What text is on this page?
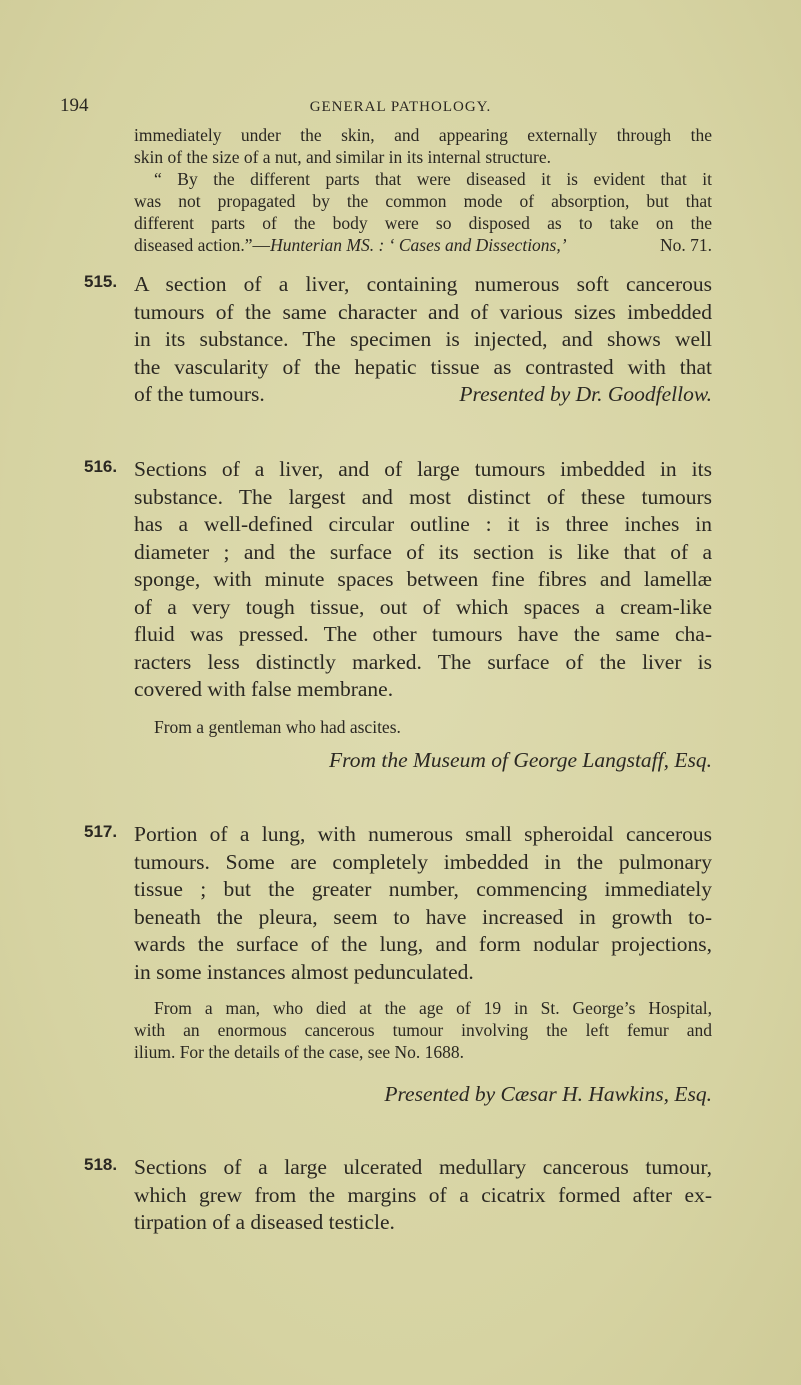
194	GENERAL PATHOLOGY.
immediately under the skin, and appearing externally through the
skin of the size of a nut, and similar in its internal structure.
“ By the different parts that were diseased it is evident that it
was not propagated by the common mode of absorption, but that
different parts of the body were so disposed as to take on the
diseased action.”—Hunterian MS. : ‘ Cases and Dissections,’	No. 71.
515. A section of a liver, containing numerous soft cancerous
tumours of the same character and of various sizes imbedded
in its substance. The specimen is injected, and shows well
the vascularity of the hepatic tissue as contrasted with that
of the tumours.	Presented by Dr. Goodfellow.
516. Sections of a liver, and of large tumours imbedded in its
substance. The largest and most distinct of these tumours
has a well-defined circular outline : it is three inches in
diameter ; and the surface of its section is like that of a
sponge, with minute spaces between fine fibres and lamellæ
of a very tough tissue, out of which spaces a cream-like
fluid was pressed. The other tumours have the same cha-
racters less distinctly marked. The surface of the liver is
covered with false membrane.
From a gentleman who had ascites.
From the Museum of George Langstaff, Esq.
517. Portion of a lung, with numerous small spheroidal cancerous
tumours. Some are completely imbedded in the pulmonary
tissue ; but the greater number, commencing immediately
beneath the pleura, seem to have increased in growth to-
wards the surface of the lung, and form nodular projections,
in some instances almost pedunculated.
From a man, who died at the age of 19 in St. George’s Hospital,
with an enormous cancerous tumour involving the left femur and
ilium. For the details of the case, see No. 1688.
Presented by Cæsar H. Hawkins, Esq.
518. Sections of a large ulcerated medullary cancerous tumour,
which grew from the margins of a cicatrix formed after ex-
tirpation of a diseased testicle.
